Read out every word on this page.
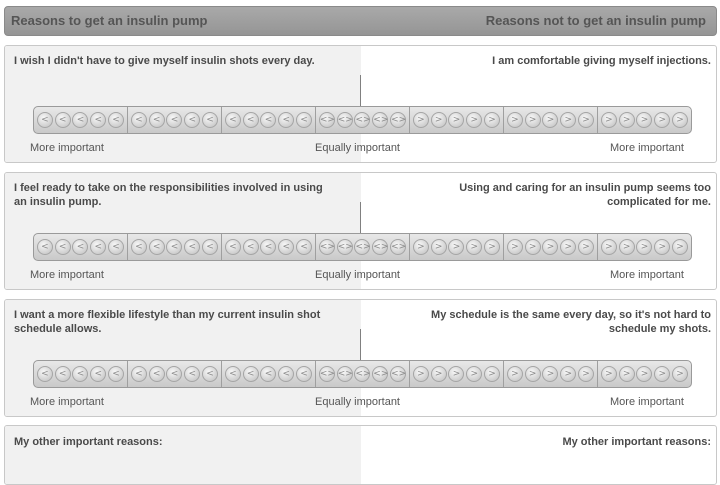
Reasons to get an insulin pump	Reasons not to get an insulin pump
I wish I didn't have to give myself insulin shots every day.	I am comfortable giving myself injections.
<	<	<	<	<	<	<	<	<	<	<	<	<	<	<	<> <> <> <> <>	>	>	>	>	>	>	>	>	>	>	>	>	>	>	>
More important	Equally important	More important
I feel ready to take on the responsibilities involved in using an insulin pump.
Using and caring for an insulin pump seems too complicated for me.
<	<	<	<	<	<	<	<	<	<	<	<	<	<	<	<> <> <> <> <>	>	>	>	>	>	>	>	>	>	>	>	>	>	>	>
More important	Equally important	More important
I want a more flexible lifestyle than my current insulin shot schedule allows.
My schedule is the same every day, so it's not hard to schedule my shots.
<	<	<	<	<	<	<	<	<	<	<	<	<	<	<	<> <> <> <> <>	>	>	>	>	>	>	>	>	>	>	>	>	>	>	>
More important	Equally important	More important
My other important reasons:	My other important reasons:
